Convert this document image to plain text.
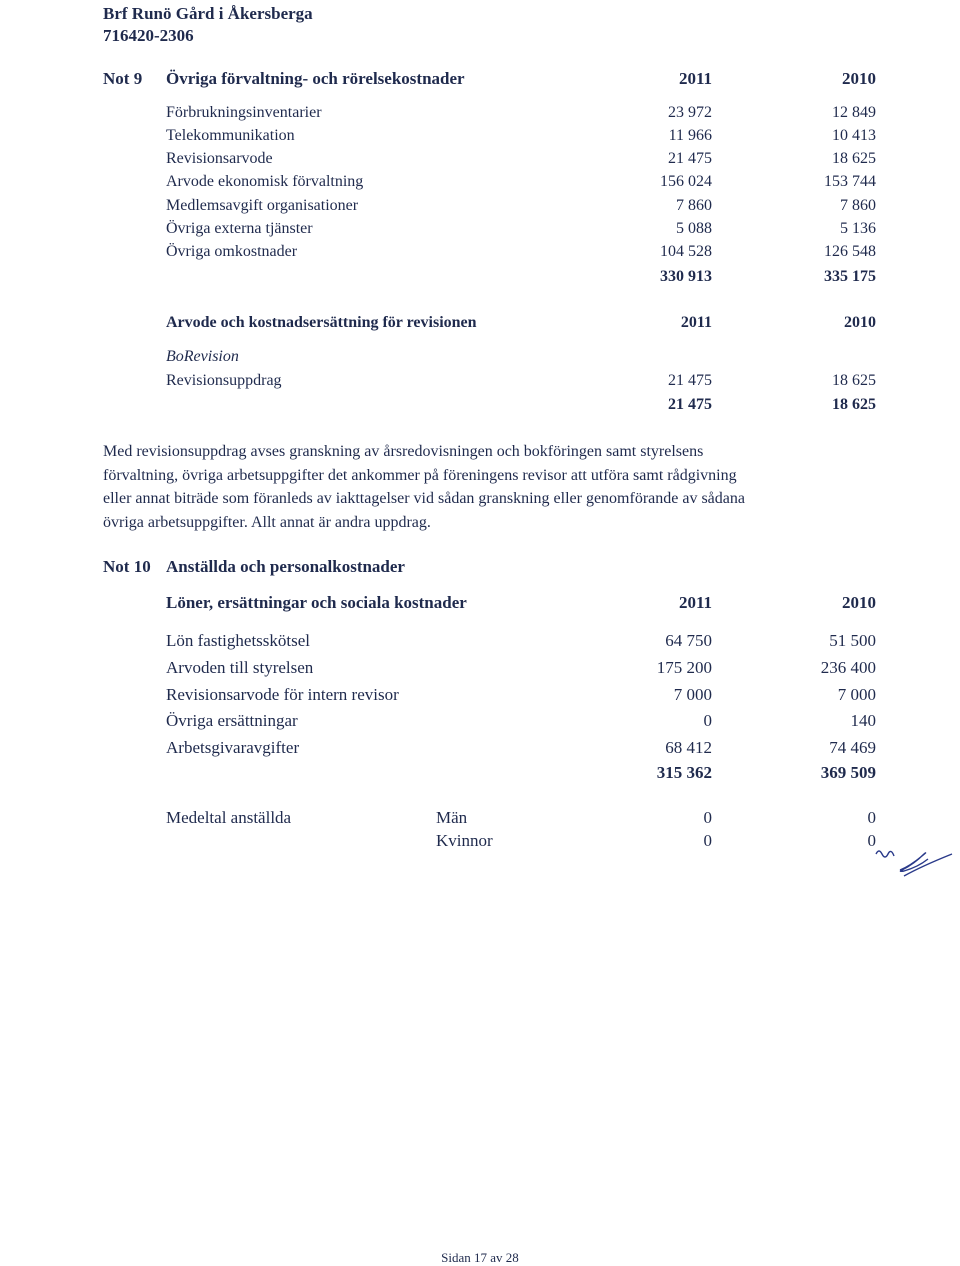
Brf Runö Gård i Åkersberga
716420-2306
Not 9 Övriga förvaltning- och rörelsekostnader	2011	2010
Förbrukningsinventarier	23 972	12 849
Telekommunikation	11 966	10 413
Revisionsarvode	21 475	18 625
Arvode ekonomisk förvaltning	156 024	153 744
Medlemsavgift organisationer	7 860	7 860
Övriga externa tjänster	5 088	5 136
Övriga omkostnader	104 528	126 548
330 913	335 175
Arvode och kostnadsersättning för revisionen	2011	2010
BoRevision
Revisionsuppdrag	21 475	18 625
21 475	18 625
Med revisionsuppdrag avses granskning av årsredovisningen och bokföringen samt styrelsens
förvaltning, övriga arbetsuppgifter det ankommer på föreningens revisor att utföra samt rådgivning
eller annat biträde som föranleds av iakttagelser vid sådan granskning eller genomförande av sådana
övriga arbetsuppgifter. Allt annat är andra uppdrag.
Not 10 Anställda och personalkostnader
Löner, ersättningar och sociala kostnader	2011	2010
Lön fastighetsskötsel	64 750	51 500
Arvoden till styrelsen	175 200	236 400
Revisionsarvode för intern revisor	7 000	7 000
Övriga ersättningar	0	140
Arbetsgivaravgifter	68 412	74 469
315 362	369 509
Medeltal anställda	Män	0	0
Kvinnor	0	0
Sidan 17 av 28
